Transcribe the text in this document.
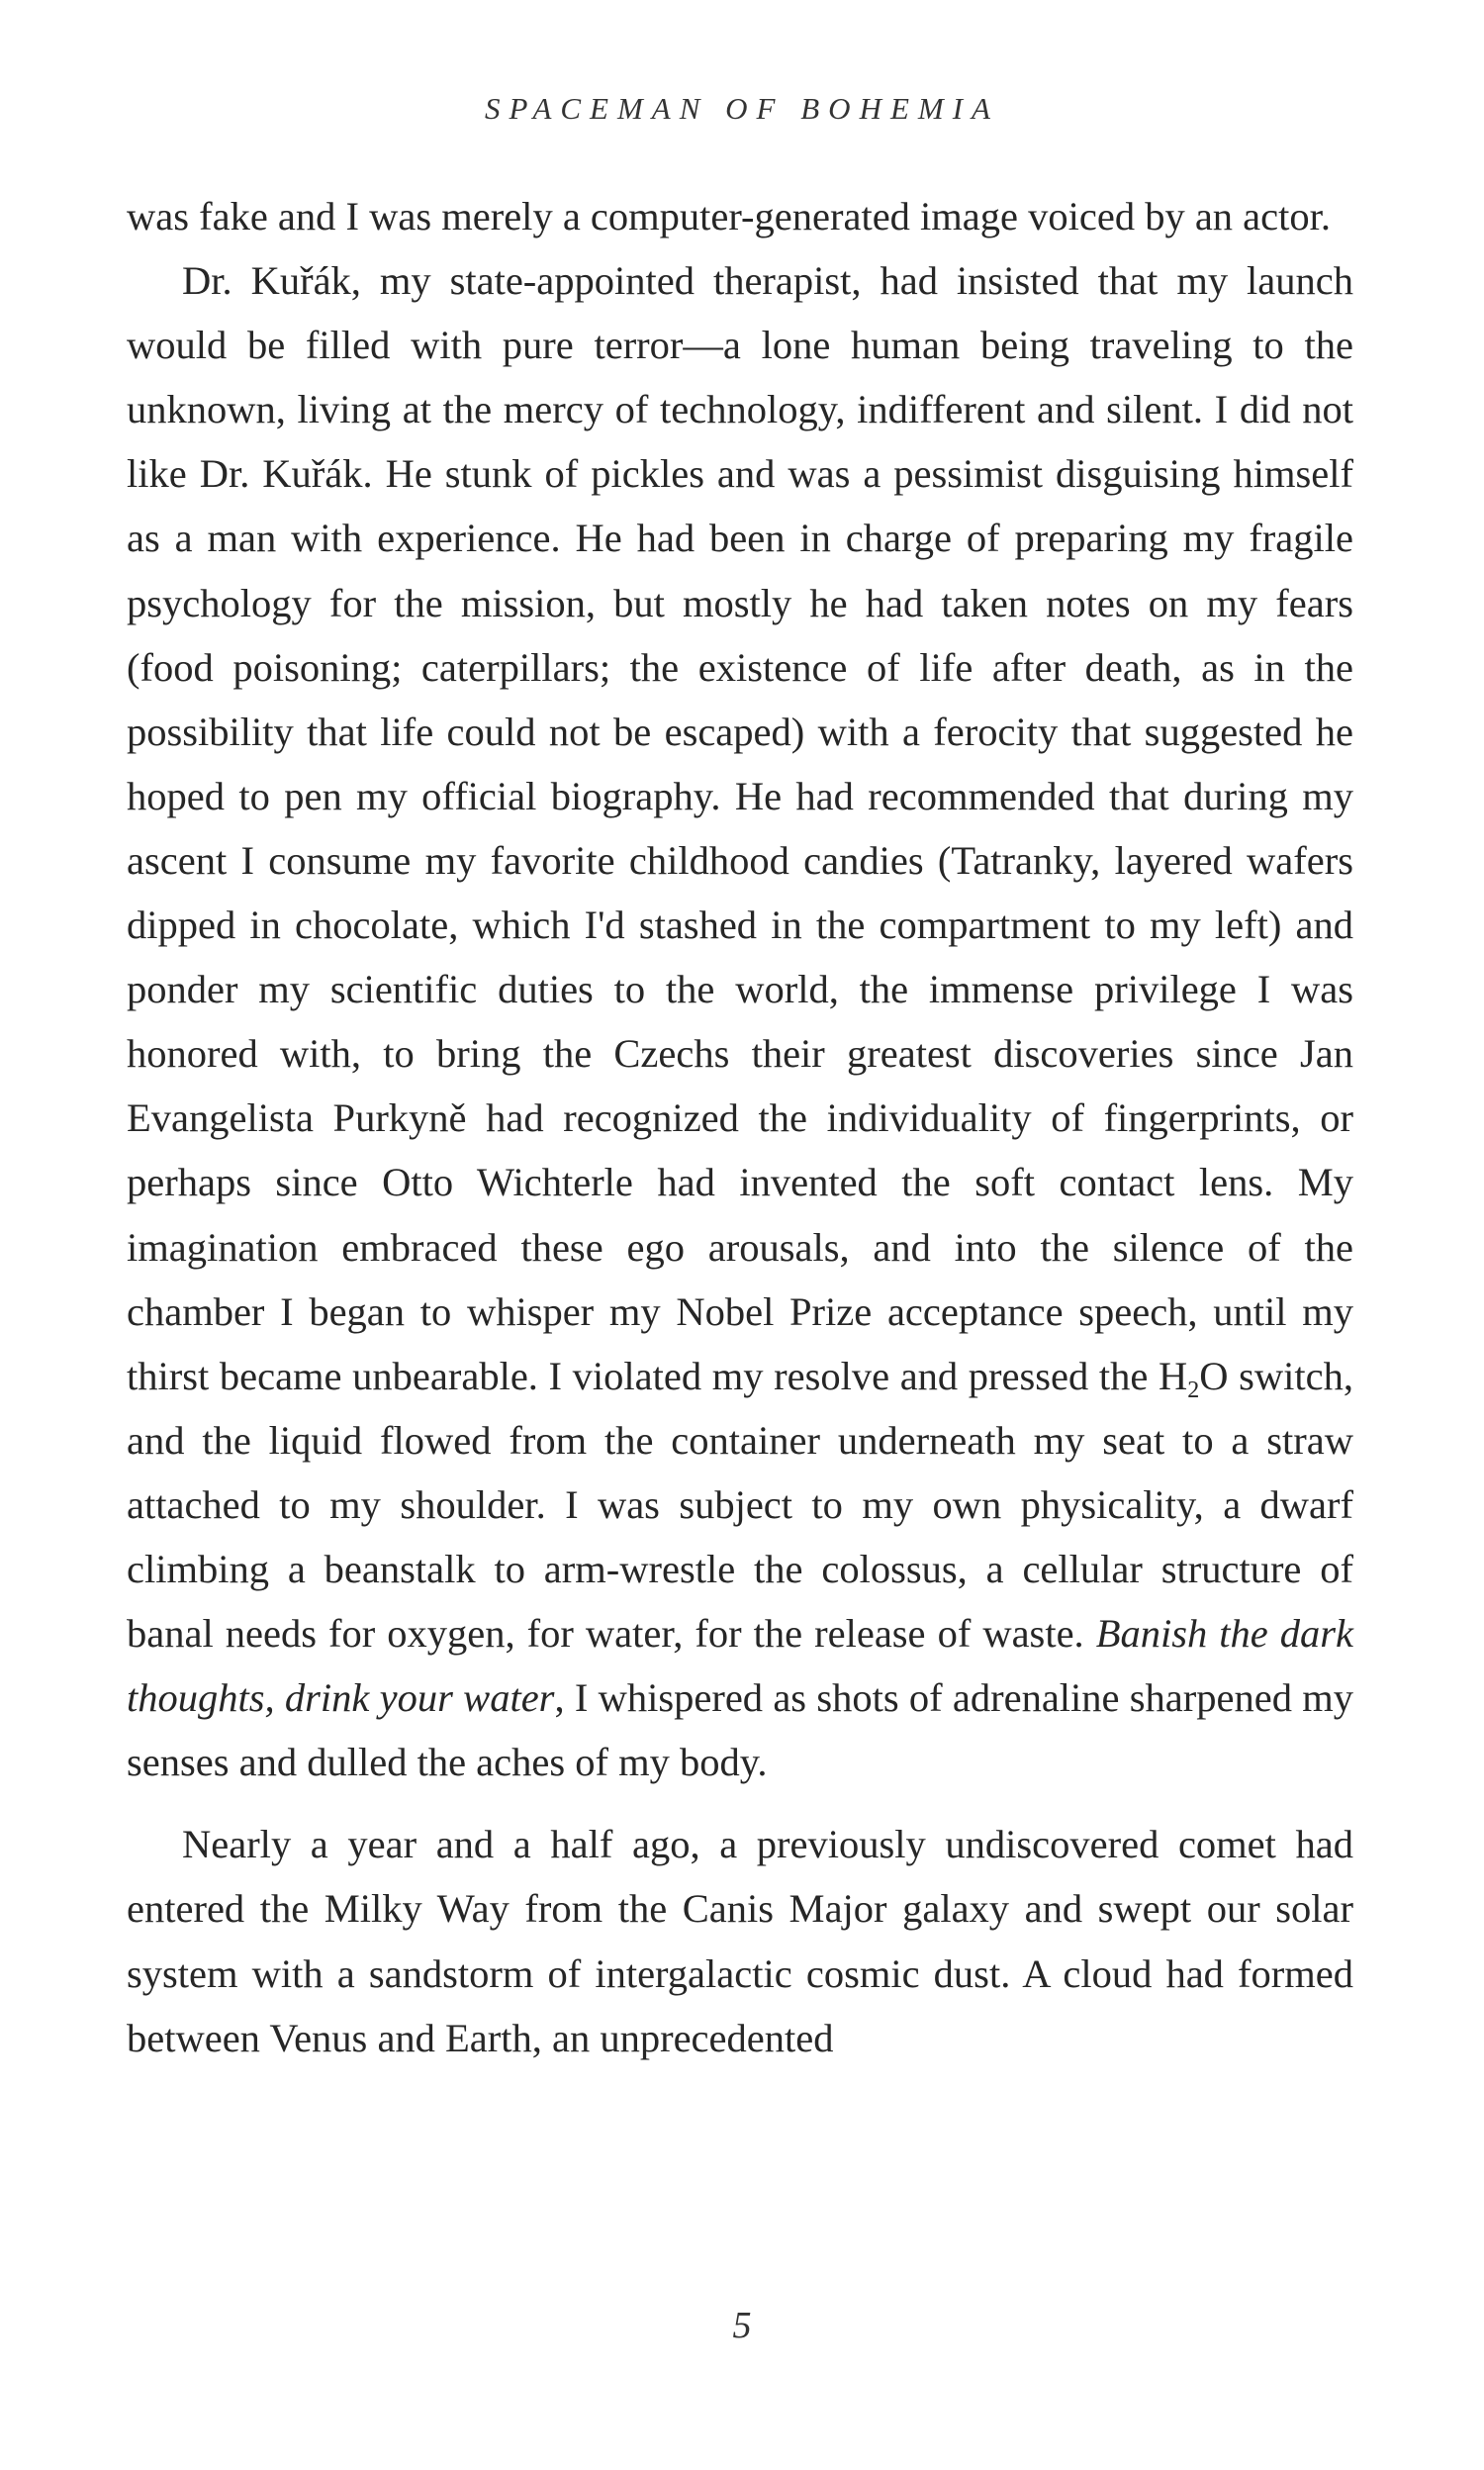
SPACEMAN OF BOHEMIA

was fake and I was merely a computer-generated image voiced by an actor.

Dr. Kuřák, my state-appointed therapist, had insisted that my launch would be filled with pure terror—a lone human being traveling to the unknown, living at the mercy of technology, indifferent and silent. I did not like Dr. Kuřák. He stunk of pickles and was a pessimist disguising himself as a man with experience. He had been in charge of preparing my fragile psychology for the mission, but mostly he had taken notes on my fears (food poisoning; caterpillars; the existence of life after death, as in the possibility that life could not be escaped) with a ferocity that suggested he hoped to pen my official biography. He had recommended that during my ascent I consume my favorite childhood candies (Tatranky, layered wafers dipped in chocolate, which I'd stashed in the compartment to my left) and ponder my scientific duties to the world, the immense privilege I was honored with, to bring the Czechs their greatest discoveries since Jan Evangelista Purkyně had recognized the individuality of fingerprints, or perhaps since Otto Wichterle had invented the soft contact lens. My imagination embraced these ego arousals, and into the silence of the chamber I began to whisper my Nobel Prize acceptance speech, until my thirst became unbearable. I violated my resolve and pressed the $H_2O$ switch, and the liquid flowed from the container underneath my seat to a straw attached to my shoulder. I was subject to my own physicality, a dwarf climbing a beanstalk to arm-wrestle the colossus, a cellular structure of banal needs for oxygen, for water, for the release of waste. Banish the dark thoughts, drink your water, I whispered as shots of adrenaline sharpened my senses and dulled the aches of my body.

Nearly a year and a half ago, a previously undiscovered comet had entered the Milky Way from the Canis Major galaxy and swept our solar system with a sandstorm of intergalactic cosmic dust. A cloud had formed between Venus and Earth, an unprecedented

5
